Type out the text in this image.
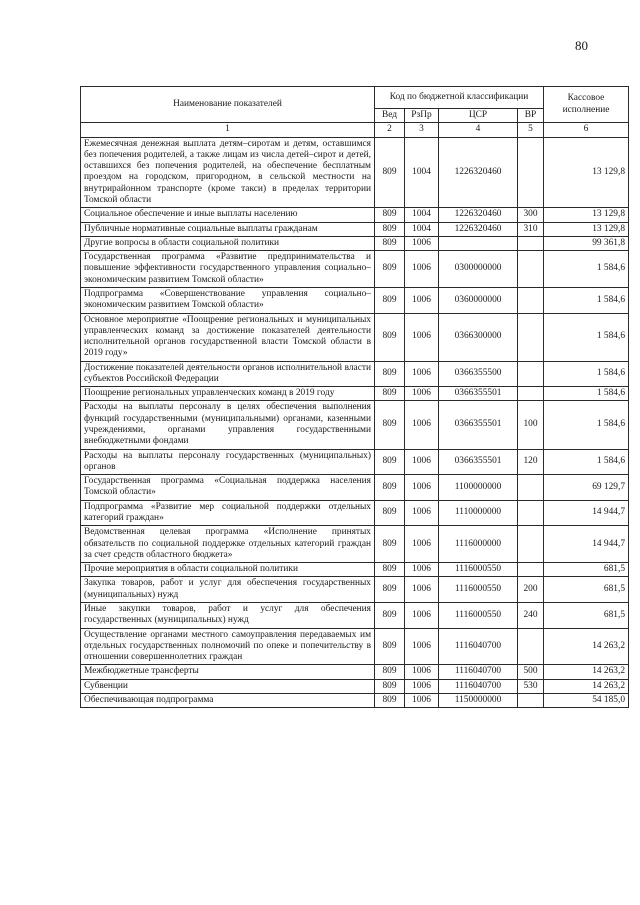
80
Наименование показателей	Код по бюджетной классификации				Кассовое исполнение
	Вед	РзПр	ЦСР	ВР	
1	2	3	4	5	6
Ежемесячная денежная выплата детям–сиротам и детям, оставшимся без попечения родителей, а также лицам из числа детей–сирот и детей, оставшихся без попечения родителей, на обеспечение бесплатным проездом на городском, пригородном, в сельской местности на внутрирайонном транспорте (кроме такси) в пределах территории Томской области	809	1004	1226320460		13 129,8
Социальное обеспечение и иные выплаты населению	809	1004	1226320460	300	13 129,8
Публичные нормативные социальные выплаты гражданам	809	1004	1226320460	310	13 129,8
Другие вопросы в области социальной политики	809	1006			99 361,8
Государственная программа «Развитие предпринимательства и повышение эффективности государственного управления социально–экономическим развитием Томской области»	809	1006	0300000000		1 584,6
Подпрограмма «Совершенствование управления социально–экономическим развитием Томской области»	809	1006	0360000000		1 584,6
Основное мероприятие «Поощрение региональных и муниципальных управленческих команд за достижение показателей деятельности исполнительной органов государственной власти Томской области в 2019 году»	809	1006	0366300000		1 584,6
Достижение показателей деятельности органов исполнительной власти субъектов Российской Федерации	809	1006	0366355500		1 584,6
Поощрение региональных управленческих команд в 2019 году	809	1006	0366355501		1 584,6
Расходы на выплаты персоналу в целях обеспечения выполнения функций государственными (муниципальными) органами, казенными учреждениями, органами управления государственными внебюджетными фондами	809	1006	0366355501	100	1 584,6
Расходы на выплаты персоналу государственных (муниципальных) органов	809	1006	0366355501	120	1 584,6
Государственная программа «Социальная поддержка населения Томской области»	809	1006	1100000000		69 129,7
Подпрограмма «Развитие мер социальной поддержки отдельных категорий граждан»	809	1006	1110000000		14 944,7
Ведомственная целевая программа «Исполнение принятых обязательств по социальной поддержке отдельных категорий граждан за счет средств областного бюджета»	809	1006	1116000000		14 944,7
Прочие мероприятия в области социальной политики	809	1006	1116000550		681,5
Закупка товаров, работ и услуг для обеспечения государственных (муниципальных) нужд	809	1006	1116000550	200	681,5
Иные закупки товаров, работ и услуг для обеспечения государственных (муниципальных) нужд	809	1006	1116000550	240	681,5
Осуществление органами местного самоуправления передаваемых им отдельных государственных полномочий по опеке и попечительству в отношении совершеннолетних граждан	809	1006	1116040700		14 263,2
Межбюджетные трансферты	809	1006	1116040700	500	14 263,2
Субвенции	809	1006	1116040700	530	14 263,2
Обеспечивающая подпрограмма	809	1006	1150000000		54 185,0
